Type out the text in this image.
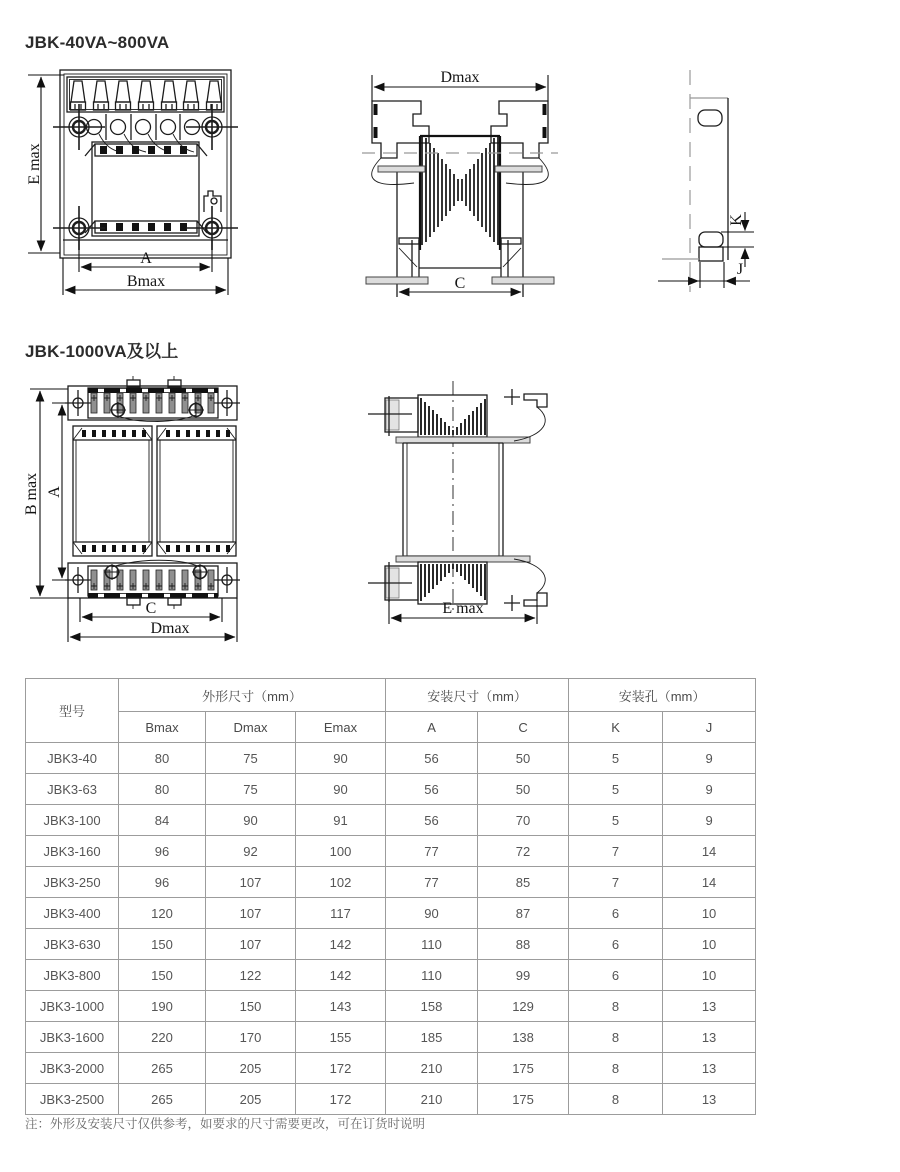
JBK-40VA~800VA
E max
A
Bmax
Dmax
C
K
J
JBK-1000VA及以上
B max A
C
Dmax
E max
型号	外形尺寸（mm）			安装尺寸（mm）		安装孔（mm）	
	Bmax	Dmax	Emax	A	C	K	J
JBK3-40	80	75	90	56	50	5	9
JBK3-63	80	75	90	56	50	5	9
JBK3-100	84	90	91	56	70	5	9
JBK3-160	96	92	100	77	72	7	14
JBK3-250	96	107	102	77	85	7	14
JBK3-400	120	107	117	90	87	6	10
JBK3-630	150	107	142	110	88	6	10
JBK3-800	150	122	142	110	99	6	10
JBK3-1000	190	150	143	158	129	8	13
JBK3-1600	220	170	155	185	138	8	13
JBK3-2000	265	205	172	210	175	8	13
JBK3-2500	265	205	172	210	175	8	13
注：外形及安装尺寸仅供参考，如要求的尺寸需要更改，可在订货时说明
